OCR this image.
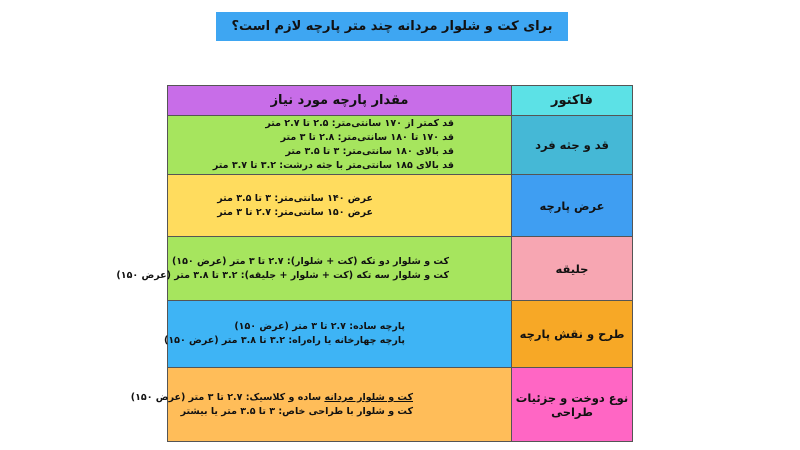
برای کت و شلوار مردانه چند متر پارچه لازم است؟
فاکتور	مقدار پارچه مورد نیاز
قد و جثه فرد	قد کمتر از ۱۷۰ سانتی‌متر: ۲.۵ تا ۲.۷ متر
قد ۱۷۰ تا ۱۸۰ سانتی‌متر: ۲.۸ تا ۳ متر
قد بالای ۱۸۰ سانتی‌متر: ۳ تا ۳.۵ متر
قد بالای ۱۸۵ سانتی‌متر با جثه درشت: ۳.۲ تا ۳.۷ متر

عرض پارچه	عرض ۱۴۰ سانتی‌متر: ۳ تا ۳.۵ متر
عرض ۱۵۰ سانتی‌متر: ۲.۷ تا ۳ متر

جلیقه	کت و شلوار دو تکه (کت + شلوار): ۲.۷ تا ۳ متر (عرض ۱۵۰)
کت و شلوار سه تکه (کت + شلوار + جلیقه): ۳.۲ تا ۳.۸ متر (عرض ۱۵۰)

طرح و نقش پارچه	پارچه ساده: ۲.۷ تا ۳ متر (عرض ۱۵۰)
پارچه چهارخانه یا راه‌راه: ۳.۲ تا ۳.۸ متر (عرض ۱۵۰)

نوع دوخت و جزئیات طراحی	کت و شلوار مردانه ساده و کلاسیک: ۲.۷ تا ۳ متر (عرض ۱۵۰)
کت و شلوار با طراحی خاص: ۳ تا ۳.۵ متر یا بیشتر
